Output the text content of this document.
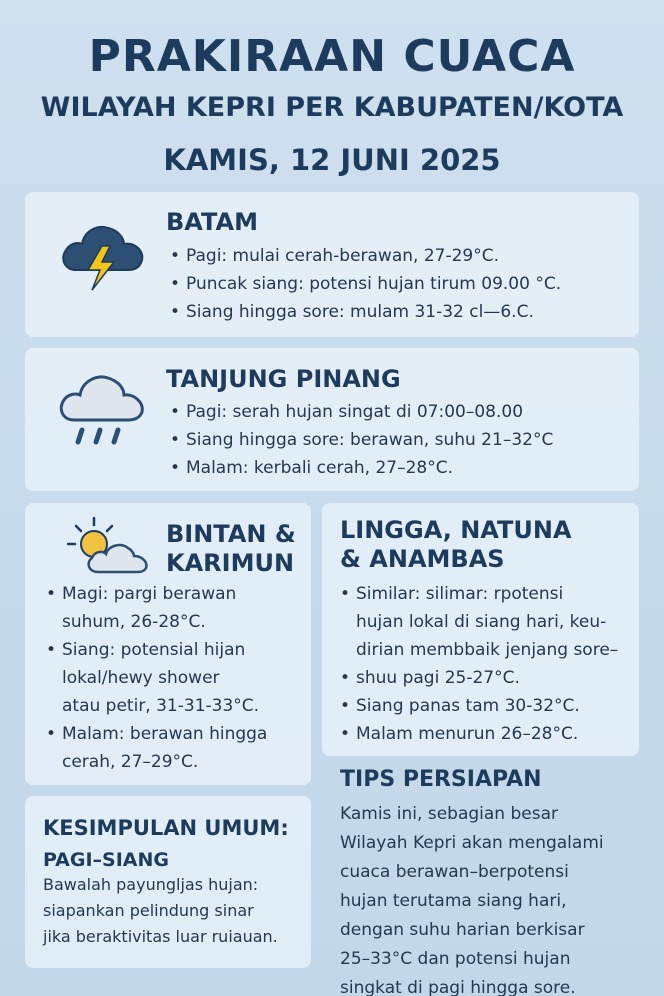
PRAKIRAAN CUACA
WILAYAH KEPRI PER KABUPATEN/KOTA
KAMIS, 12 JUNI 2025
BATAM
• Pagi: mulai cerah-berawan, 27-29°C.
• Puncak siang: potensi hujan tirum 09.00 °C.
• Siang hingga sore: mulam 31-32 cl—6.C.
TANJUNG PINANG
• Pagi: serah hujan singat di 07:00–08.00
• Siang hingga sore: berawan, suhu 21–32°C
• Malam: kerbali cerah, 27–28°C.
BINTAN &
KARIMUN
• Magi: pargi berawan
suhum, 26-28°C.
• Siang: potensial hijan
lokal/hewy shower
atau petir, 31-31-33°C.
• Malam: berawan hingga
cerah, 27–29°C.
LINGGA, NATUNA
& ANAMBAS
• Similar: silimar: rpotensi
hujan lokal di siang hari, keu-
dirian membbaik jenjang sore–
• shuu pagi 25-27°C.
• Siang panas tam 30-32°C.
• Malam menurun 26–28°C.
KESIMPULAN UMUM:
PAGI–SIANG
Bawalah payungljas hujan:
siapankan pelindung sinar
jika beraktivitas luar ruiauan.
TIPS PERSIAPAN
Kamis ini, sebagian besar
Wilayah Kepri akan mengalami
cuaca berawan–berpotensi
hujan terutama siang hari,
dengan suhu harian berkisar
25–33°C dan potensi hujan
singkat di pagi hingga sore.
